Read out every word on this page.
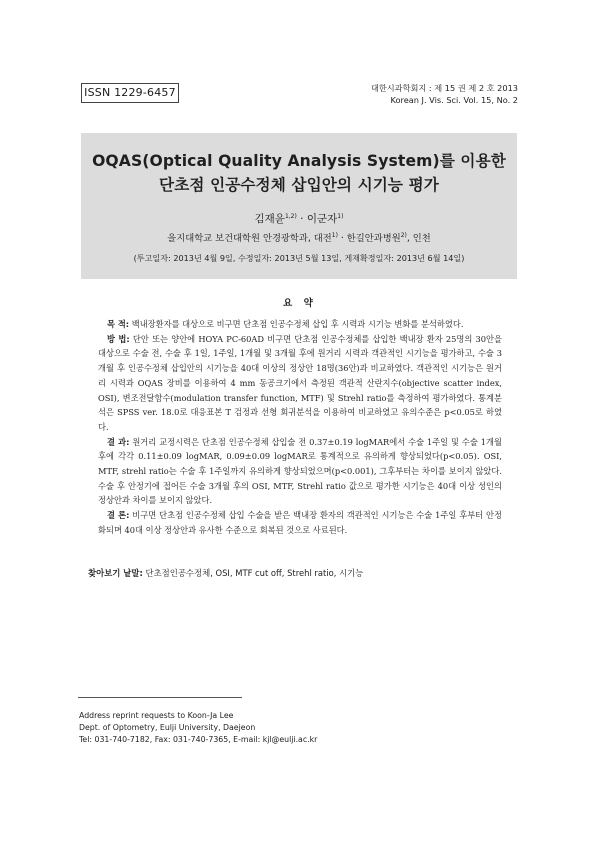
ISSN 1229-6457	대한시과학회지 : 제 15 권 제 2 호 2013
Korean J. Vis. Sci. Vol. 15, No. 2
OQAS(Optical Quality Analysis System)를 이용한
단초점 인공수정체 삽입안의 시기능 평가
김재윤$^{1,2)}$ · 이군자$^{1)}$
을지대학교 보건대학원 안경광학과, 대전$^{1)}$ · 한길안과병원$^{2)}$, 인천
(투고일자: 2013년 4월 9일, 수정일자: 2013년 5월 13일, 게재확정일자: 2013년 6월 14일)
요 약

목 적: 백내장환자를 대상으로 비구면 단초점 인공수정체 삽입 후 시력과 시기능 변화를 분석하였다.

방 법: 단안 또는 양안에 HOYA PC-60AD 비구면 단초점 인공수정체를 삽입한 백내장 환자 25명의 30안을 대상으로 수술 전, 수술 후 1일, 1주일, 1개월 및 3개월 후에 원거리 시력과 객관적인 시기능을 평가하고, 수술 3개월 후 인공수정체 삽입안의 시기능을 40대 이상의 정상안 18명(36안)과 비교하였다. 객관적인 시기능은 원거리 시력과 OQAS 장비를 이용하여 4 mm 동공크기에서 측정된 객관적 산란지수(objective scatter index, OSI), 변조전달함수(modulation transfer function, MTF) 및 Strehl ratio를 측정하여 평가하였다. 통계분석은 SPSS ver. 18.0로 대응표본 T 검정과 선형 회귀분석을 이용하여 비교하였고 유의수준은 p<0.05로 하였다.

결 과: 원거리 교정시력은 단초점 인공수정체 삽입술 전 0.37±0.19 logMAR에서 수술 1주일 및 수술 1개월 후에 각각 0.11±0.09 logMAR, 0.09±0.09 logMAR로 통계적으로 유의하게 향상되었다(p<0.05). OSI, MTF, strehl ratio는 수술 후 1주일까지 유의하게 향상되었으며(p<0.001), 그후부터는 차이를 보이지 않았다. 수술 후 안정기에 접어든 수술 3개월 후의 OSI, MTF, Strehl ratio 값으로 평가한 시기능은 40대 이상 성인의 정상안과 차이를 보이지 않았다.

결 론: 비구면 단초점 인공수정체 삽입 수술을 받은 백내장 환자의 객관적인 시기능은 수술 1주일 후부터 안정화되며 40대 이상 정상안과 유사한 수준으로 회복된 것으로 사료된다.

찾아보기 낱말: 단초점인공수정체, OSI, MTF cut off, Strehl ratio, 시기능
Address reprint requests to Koon-Ja Lee
Dept. of Optometry, Eulji University, Daejeon
Tel: 031-740-7182, Fax: 031-740-7365, E-mail: kjl@eulji.ac.kr
